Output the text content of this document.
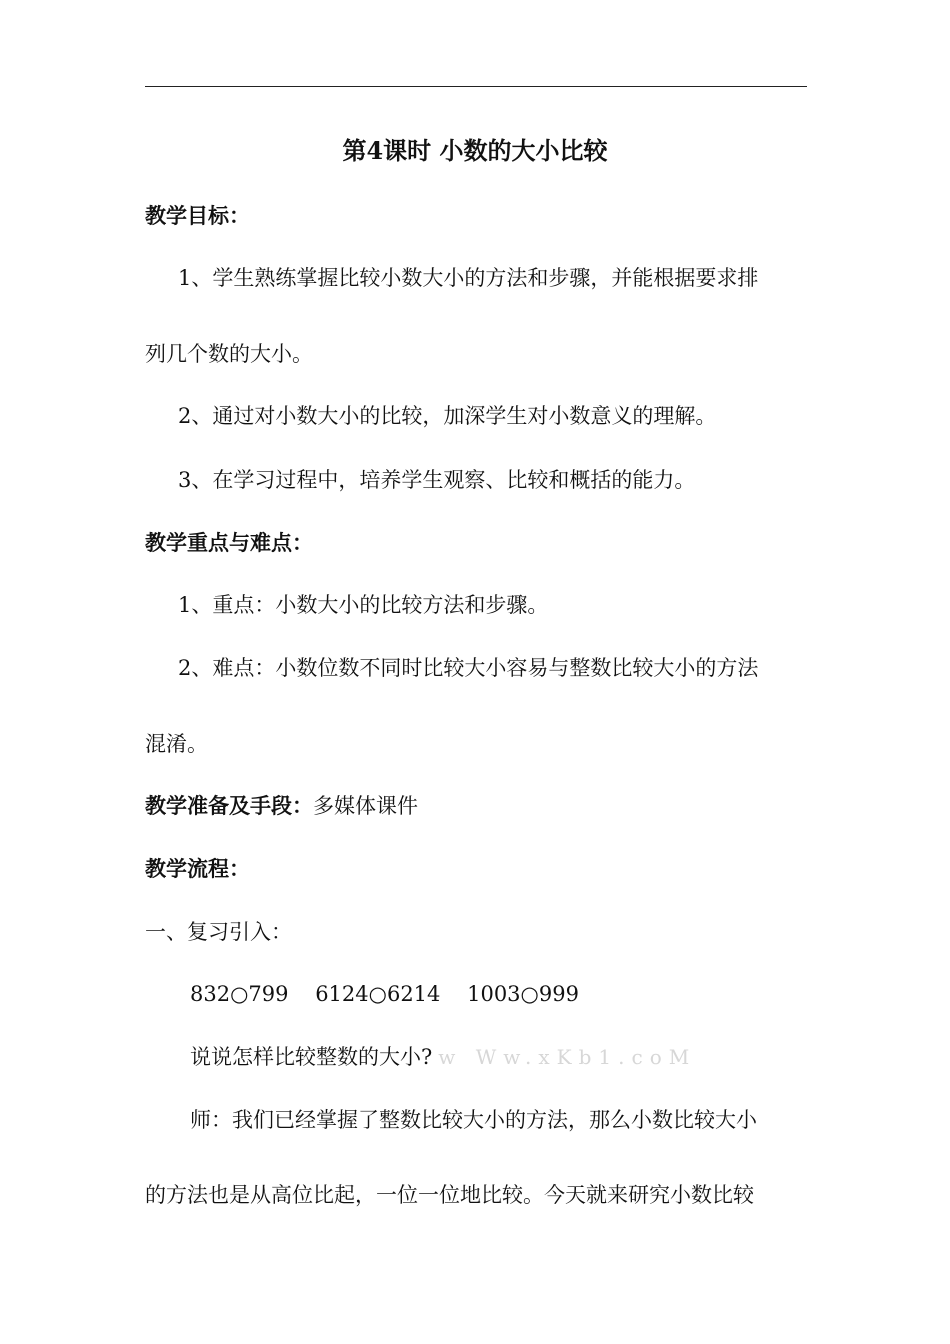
第4课时 小数的大小比较
教学目标：
1、学生熟练掌握比较小数大小的方法和步骤，并能根据要求排
列几个数的大小。
2、通过对小数大小的比较，加深学生对小数意义的理解。
3、在学习过程中，培养学生观察、比较和概括的能力。
教学重点与难点：
1、重点：小数大小的比较方法和步骤。
2、难点：小数位数不同时比较大小容易与整数比较大小的方法
混淆。
教学准备及手段：多媒体课件
教学流程：
一、复习引入：
832○799    6124○6214    1003○999
说说怎样比较整数的大小? w Ww.xKb1.coM
师：我们已经掌握了整数比较大小的方法，那么小数比较大小
的方法也是从高位比起，一位一位地比较。今天就来研究小数比较
